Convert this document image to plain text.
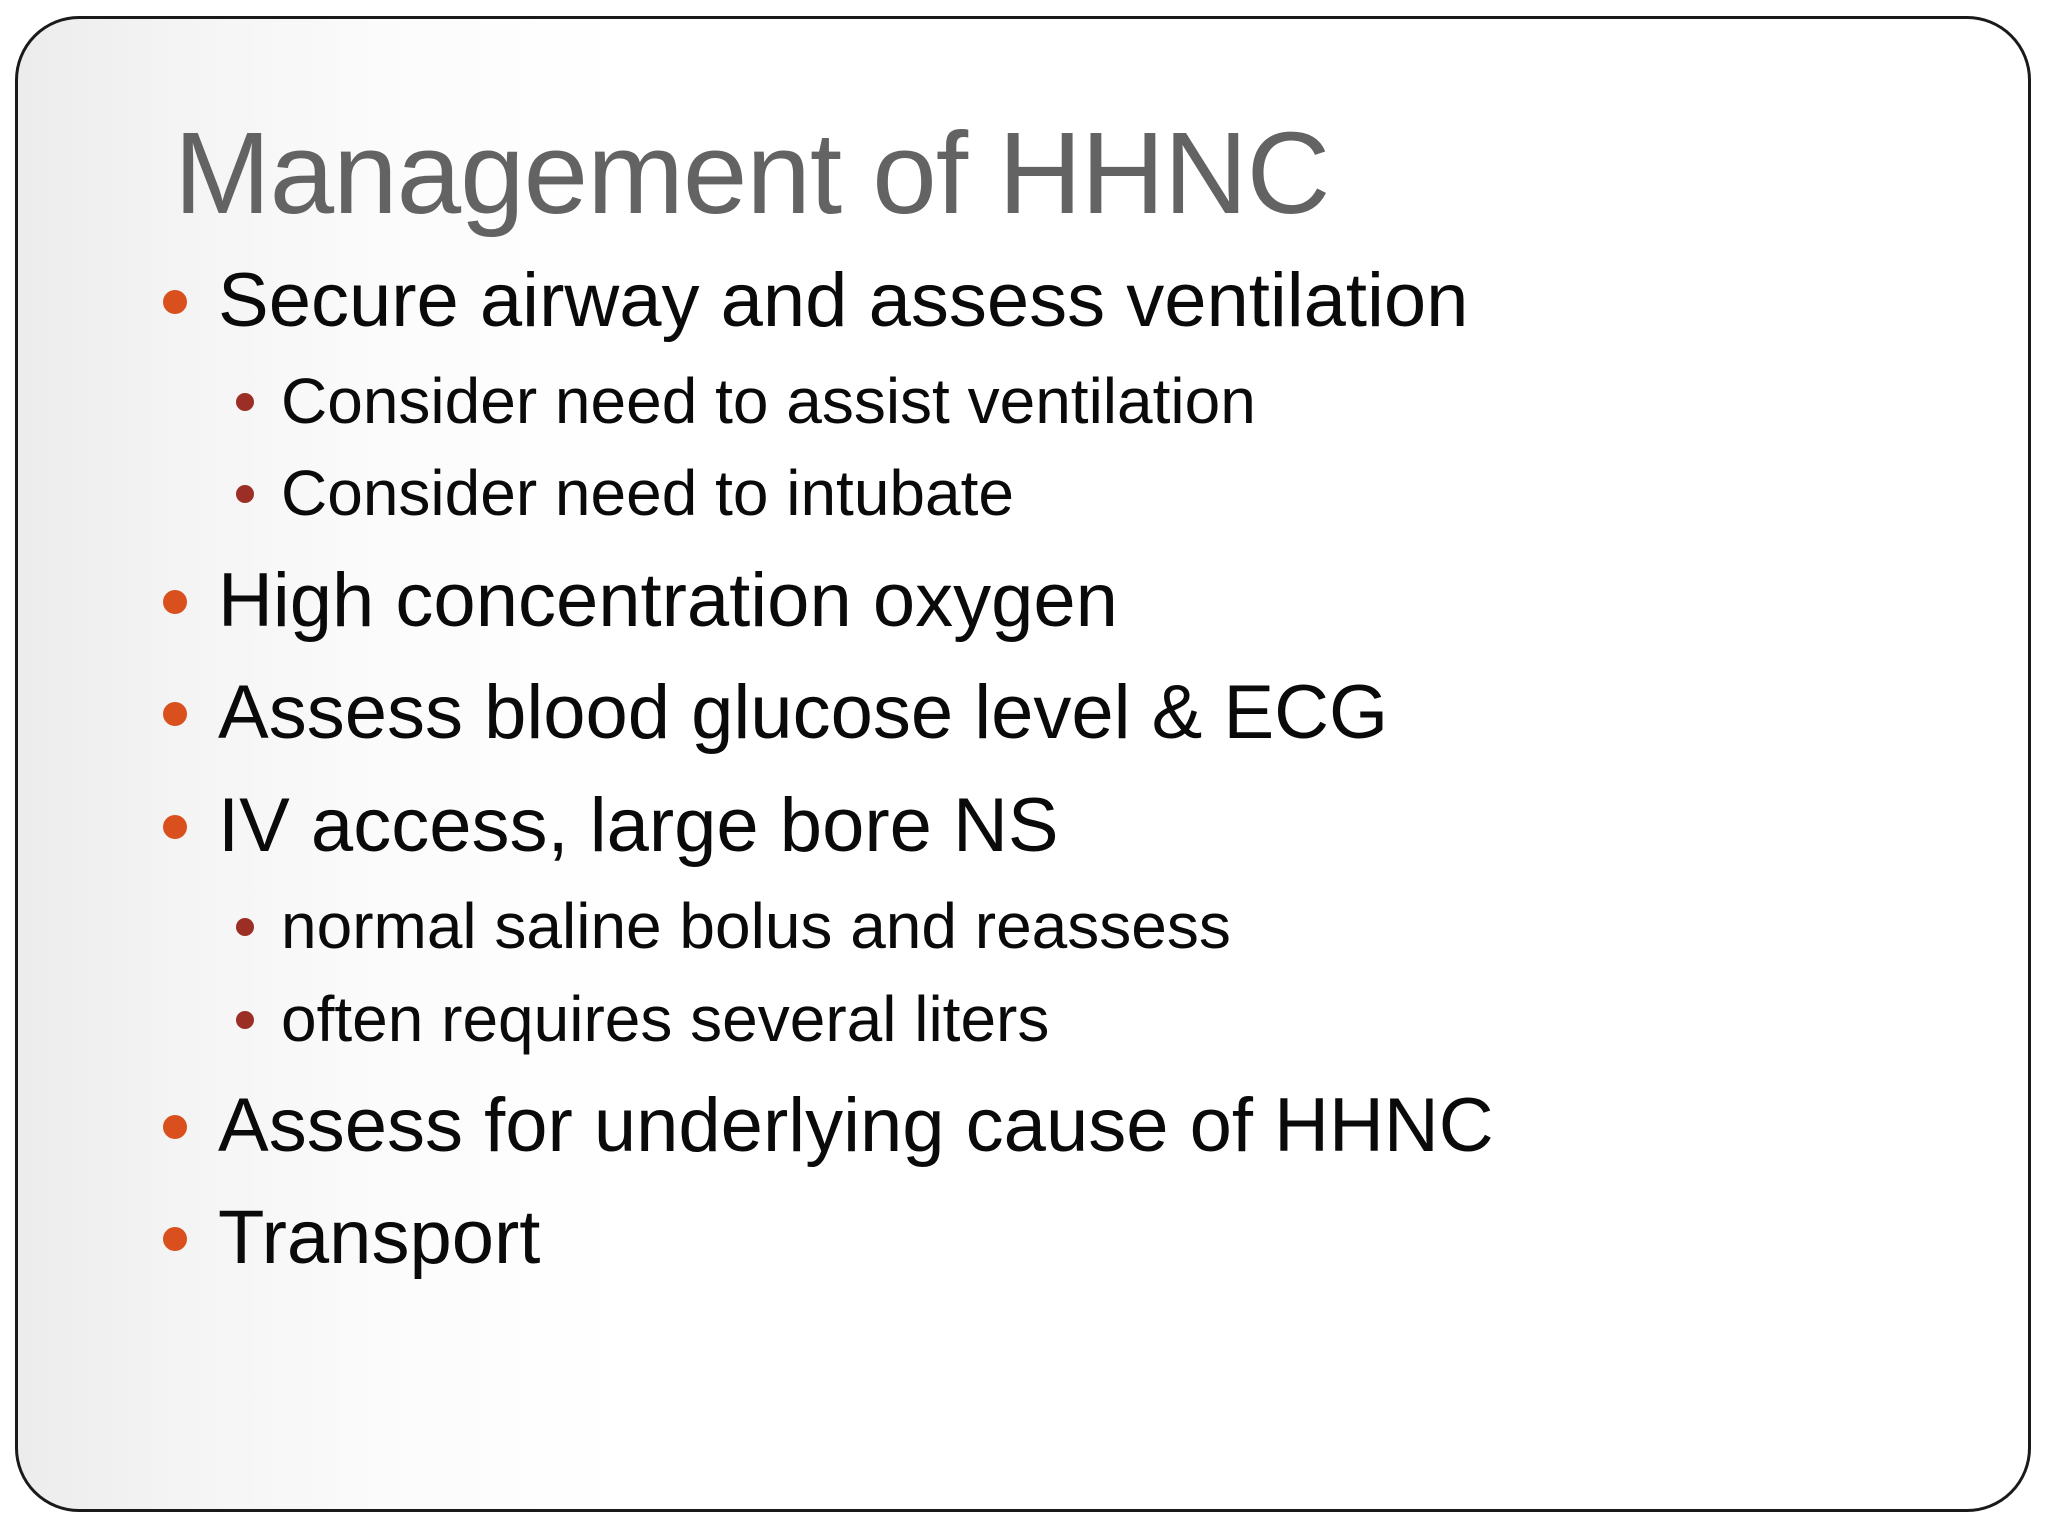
Management of HHNC
Secure airway and assess ventilation
Consider need to assist ventilation
Consider need to intubate
High concentration oxygen
Assess blood glucose level & ECG
IV access, large bore NS
normal saline bolus and reassess
often requires several liters
Assess for underlying cause of HHNC
Transport
